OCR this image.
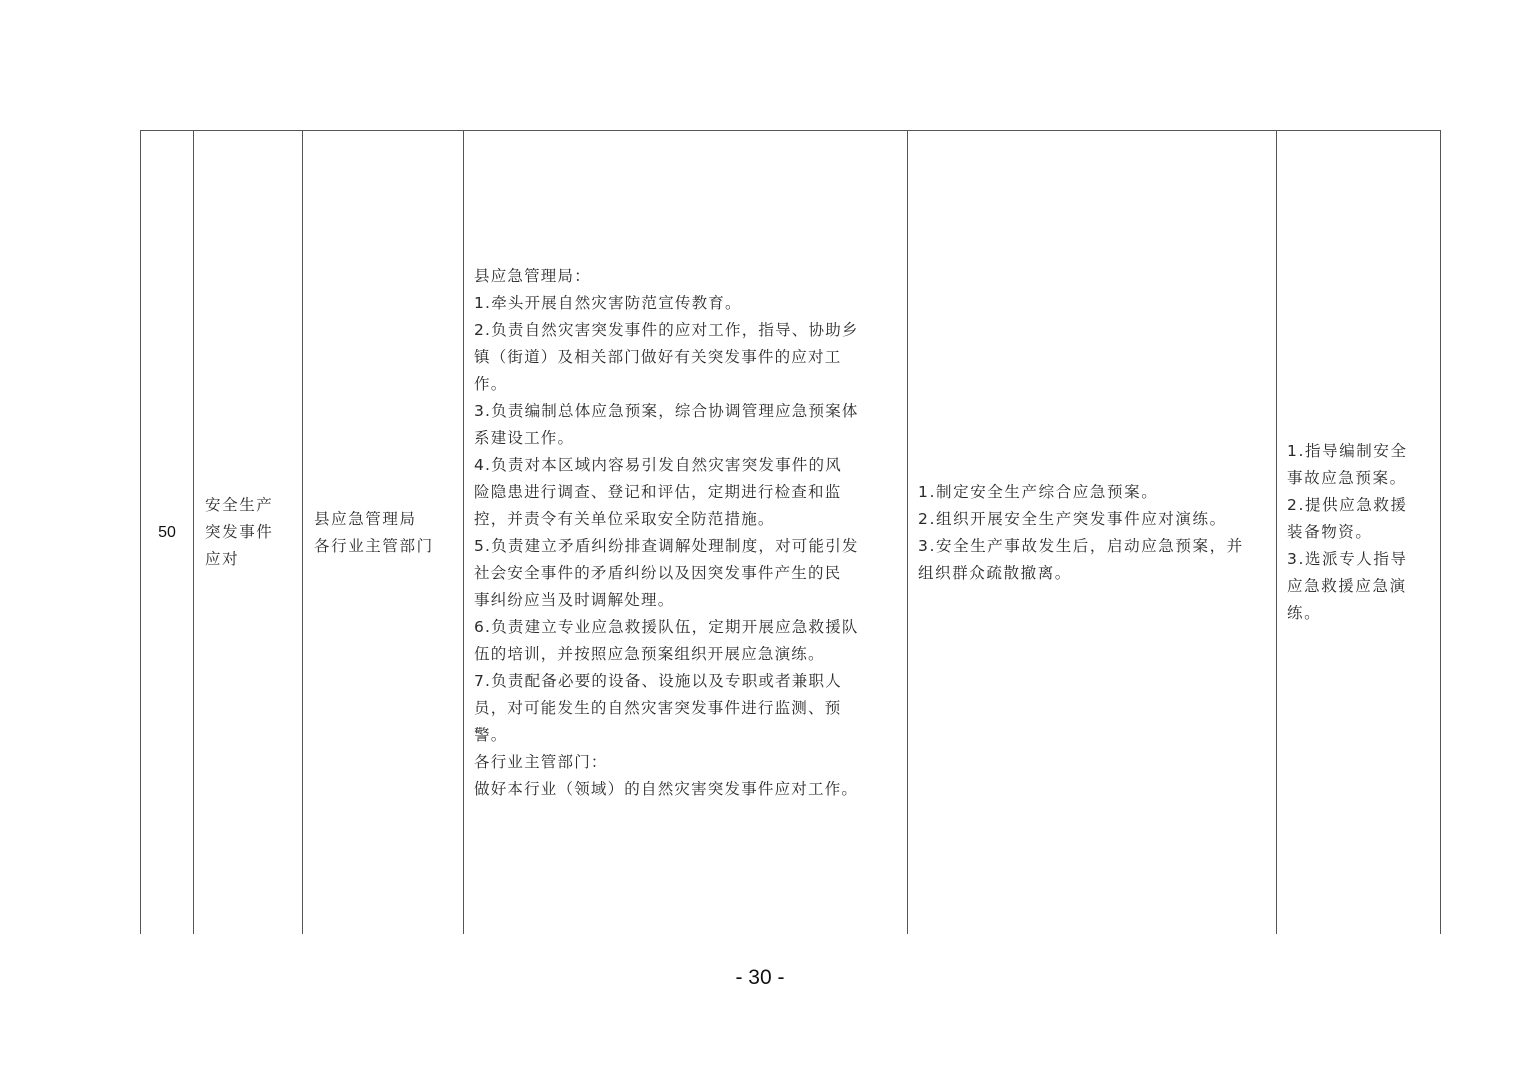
50
安全生产
突发事件
应对
县应急管理局
各行业主管部门
县应急管理局：
1.牵头开展自然灾害防范宣传教育。
2.负责自然灾害突发事件的应对工作，指导、协助乡
镇（街道）及相关部门做好有关突发事件的应对工
作。
3.负责编制总体应急预案，综合协调管理应急预案体
系建设工作。
4.负责对本区域内容易引发自然灾害突发事件的风
险隐患进行调查、登记和评估，定期进行检查和监
控，并责令有关单位采取安全防范措施。
5.负责建立矛盾纠纷排查调解处理制度，对可能引发
社会安全事件的矛盾纠纷以及因突发事件产生的民
事纠纷应当及时调解处理。
6.负责建立专业应急救援队伍，定期开展应急救援队
伍的培训，并按照应急预案组织开展应急演练。
7.负责配备必要的设备、设施以及专职或者兼职人
员，对可能发生的自然灾害突发事件进行监测、预
警。
各行业主管部门：
做好本行业（领域）的自然灾害突发事件应对工作。
1.制定安全生产综合应急预案。
2.组织开展安全生产突发事件应对演练。
3.安全生产事故发生后，启动应急预案，并
组织群众疏散撤离。
1.指导编制安全
事故应急预案。
2.提供应急救援
装备物资。
3.选派专人指导
应急救援应急演
练。
- 30 -
